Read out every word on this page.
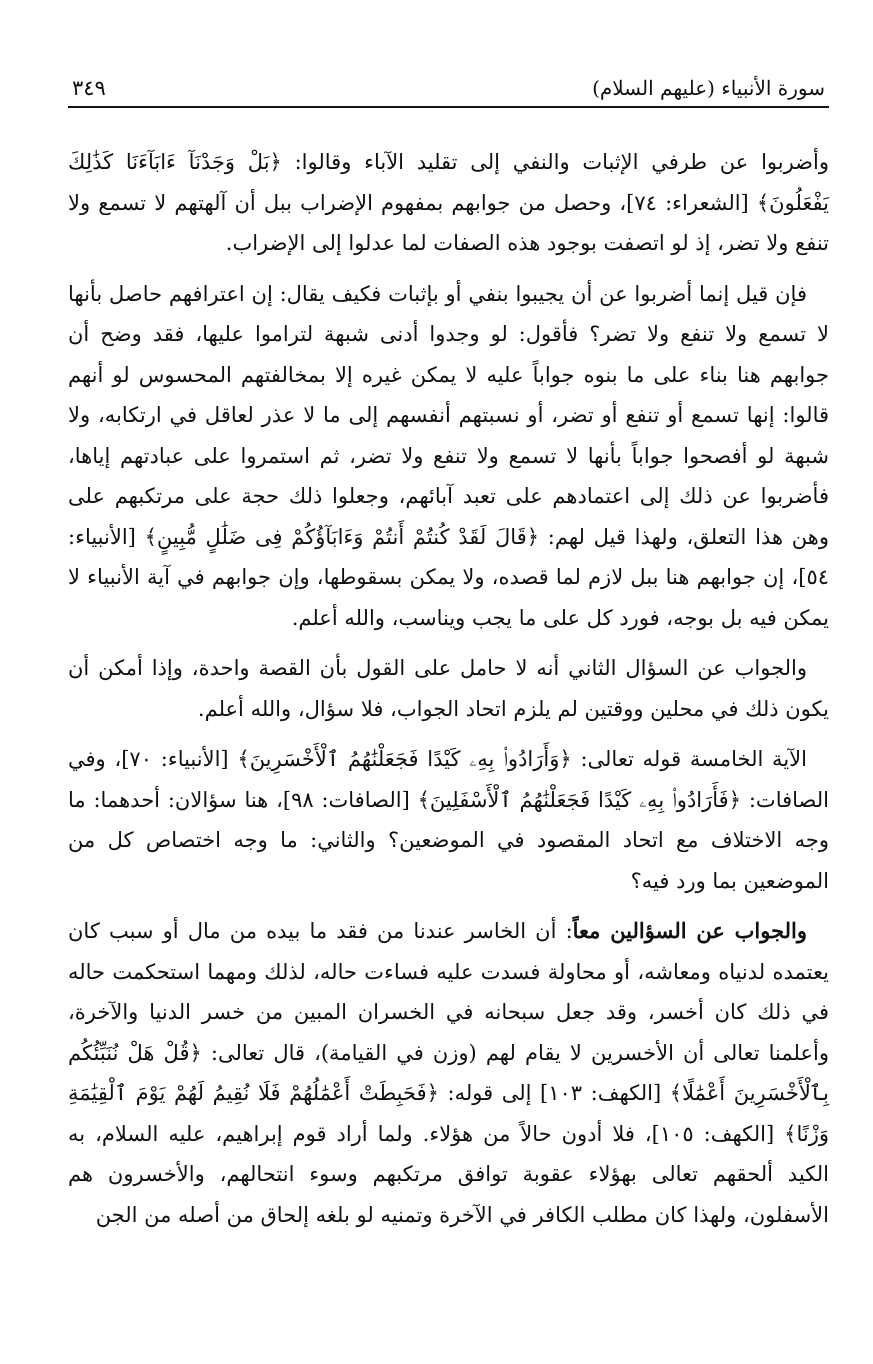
سورة الأنبياء (عليهم السلام)
٣٤٩

وأضربوا عن طرفي الإثبات والنفي إلى تقليد الآباء وقالوا: ﴿بَلْ وَجَدْنَآ ءَابَآءَنَا كَذَٰلِكَ يَفْعَلُونَ﴾ [الشعراء: ٧٤]، وحصل من جوابهم بمفهوم الإضراب ببل أن آلهتهم لا تسمع ولا تنفع ولا تضر، إذ لو اتصفت بوجود هذه الصفات لما عدلوا إلى الإضراب.

فإن قيل إنما أضربوا عن أن يجيبوا بنفي أو بإثبات فكيف يقال: إن اعترافهم حاصل بأنها لا تسمع ولا تنفع ولا تضر؟ فأقول: لو وجدوا أدنى شبهة لتراموا عليها، فقد وضح أن جوابهم هنا بناء على ما بنوه جواباً عليه لا يمكن غيره إلا بمخالفتهم المحسوس لو أنهم قالوا: إنها تسمع أو تنفع أو تضر، أو نسبتهم أنفسهم إلى ما لا عذر لعاقل في ارتكابه، ولا شبهة لو أفصحوا جواباً بأنها لا تسمع ولا تنفع ولا تضر، ثم استمروا على عبادتهم إياها، فأضربوا عن ذلك إلى اعتمادهم على تعبد آبائهم، وجعلوا ذلك حجة على مرتكبهم على وهن هذا التعلق، ولهذا قيل لهم: ﴿قَالَ لَقَدْ كُنتُمْ أَنتُمْ وَءَابَآؤُكُمْ فِى ضَلَٰلٍ مُّبِينٍ﴾ [الأنبياء: ٥٤]، إن جوابهم هنا ببل لازم لما قصده، ولا يمكن بسقوطها، وإن جوابهم في آية الأنبياء لا يمكن فيه بل بوجه، فورد كل على ما يجب ويناسب، والله أعلم.

والجواب عن السؤال الثاني أنه لا حامل على القول بأن القصة واحدة، وإذا أمكن أن يكون ذلك في محلين ووقتين لم يلزم اتحاد الجواب، فلا سؤال، والله أعلم.

الآية الخامسة قوله تعالى: ﴿وَأَرَادُوا۟ بِهِۦ كَيْدًا فَجَعَلْنَٰهُمُ ٱلْأَخْسَرِينَ﴾ [الأنبياء: ٧٠]، وفي الصافات: ﴿فَأَرَادُوا۟ بِهِۦ كَيْدًا فَجَعَلْنَٰهُمُ ٱلْأَسْفَلِينَ﴾ [الصافات: ٩٨]، هنا سؤالان: أحدهما: ما وجه الاختلاف مع اتحاد المقصود في الموضعين؟ والثاني: ما وجه اختصاص كل من الموضعين بما ورد فيه؟

والجواب عن السؤالين معاً: أن الخاسر عندنا من فقد ما بيده من مال أو سبب كان يعتمده لدنياه ومعاشه، أو محاولة فسدت عليه فساءت حاله، لذلك ومهما استحكمت حاله في ذلك كان أخسر، وقد جعل سبحانه في الخسران المبين من خسر الدنيا والآخرة، وأعلمنا تعالى أن الأخسرين لا يقام لهم (وزن في القيامة)، قال تعالى: ﴿قُلْ هَلْ نُنَبِّئُكُم بِٱلْأَخْسَرِينَ أَعْمَٰلًا﴾ [الكهف: ١٠٣] إلى قوله: ﴿فَحَبِطَتْ أَعْمَٰلُهُمْ فَلَا نُقِيمُ لَهُمْ يَوْمَ ٱلْقِيَٰمَةِ وَزْنًا﴾ [الكهف: ١٠٥]، فلا أدون حالاً من هؤلاء. ولما أراد قوم إبراهيم، عليه السلام، به الكيد ألحقهم تعالى بهؤلاء عقوبة توافق مرتكبهم وسوء انتحالهم، والأخسرون هم الأسفلون، ولهذا كان مطلب الكافر في الآخرة وتمنيه لو بلغه إلحاق من أصله من الجن
